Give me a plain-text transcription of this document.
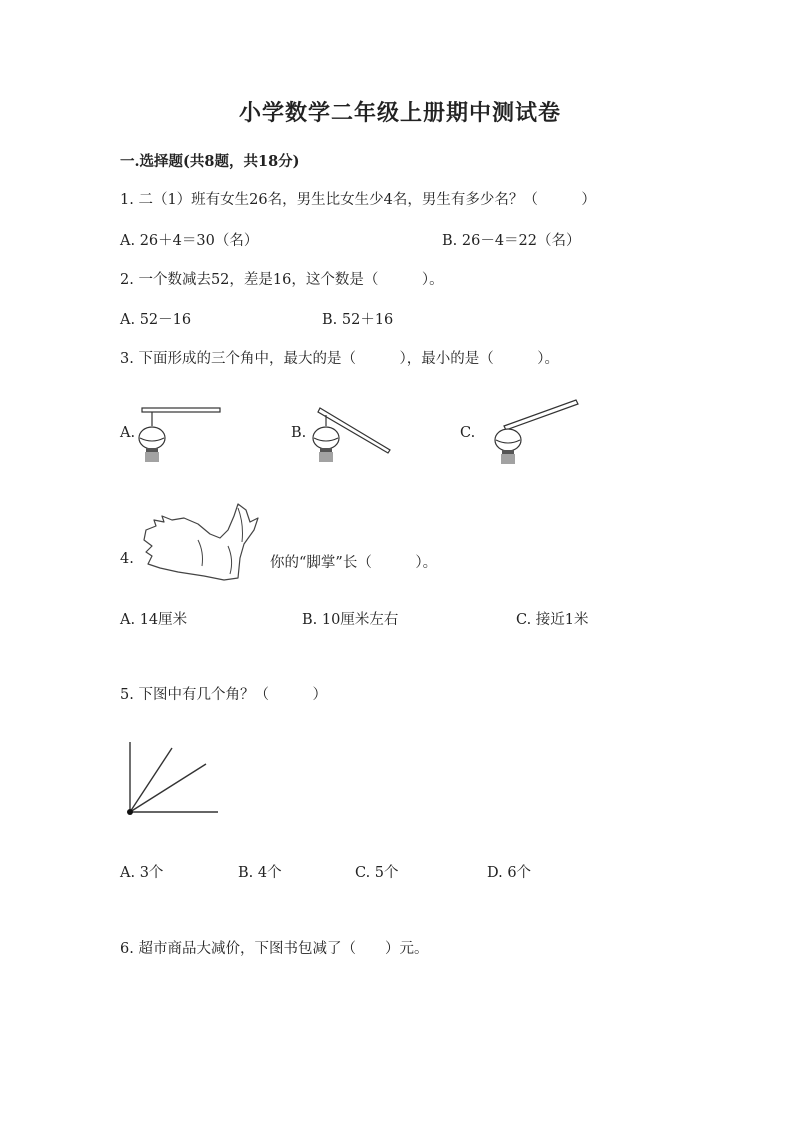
小学数学二年级上册期中测试卷
一.选择题(共8题，共18分)
1. 二（1）班有女生26名，男生比女生少4名，男生有多少名？（　　　）
A. 26＋4＝30（名）	B. 26－4＝22（名）
2. 一个数减去52，差是16，这个数是（　　　）。
A. 52－16	B. 52＋16
3. 下面形成的三个角中，最大的是（　　　），最小的是（　　　）。
A.	B.	C.
4.	你的“脚掌”长（　　　）。
A. 14厘米	B. 10厘米左右	C. 接近1米
5. 下图中有几个角？（　　　）
A. 3个	B. 4个	C. 5个	D. 6个
6. 超市商品大减价，下图书包减了（　　）元。
